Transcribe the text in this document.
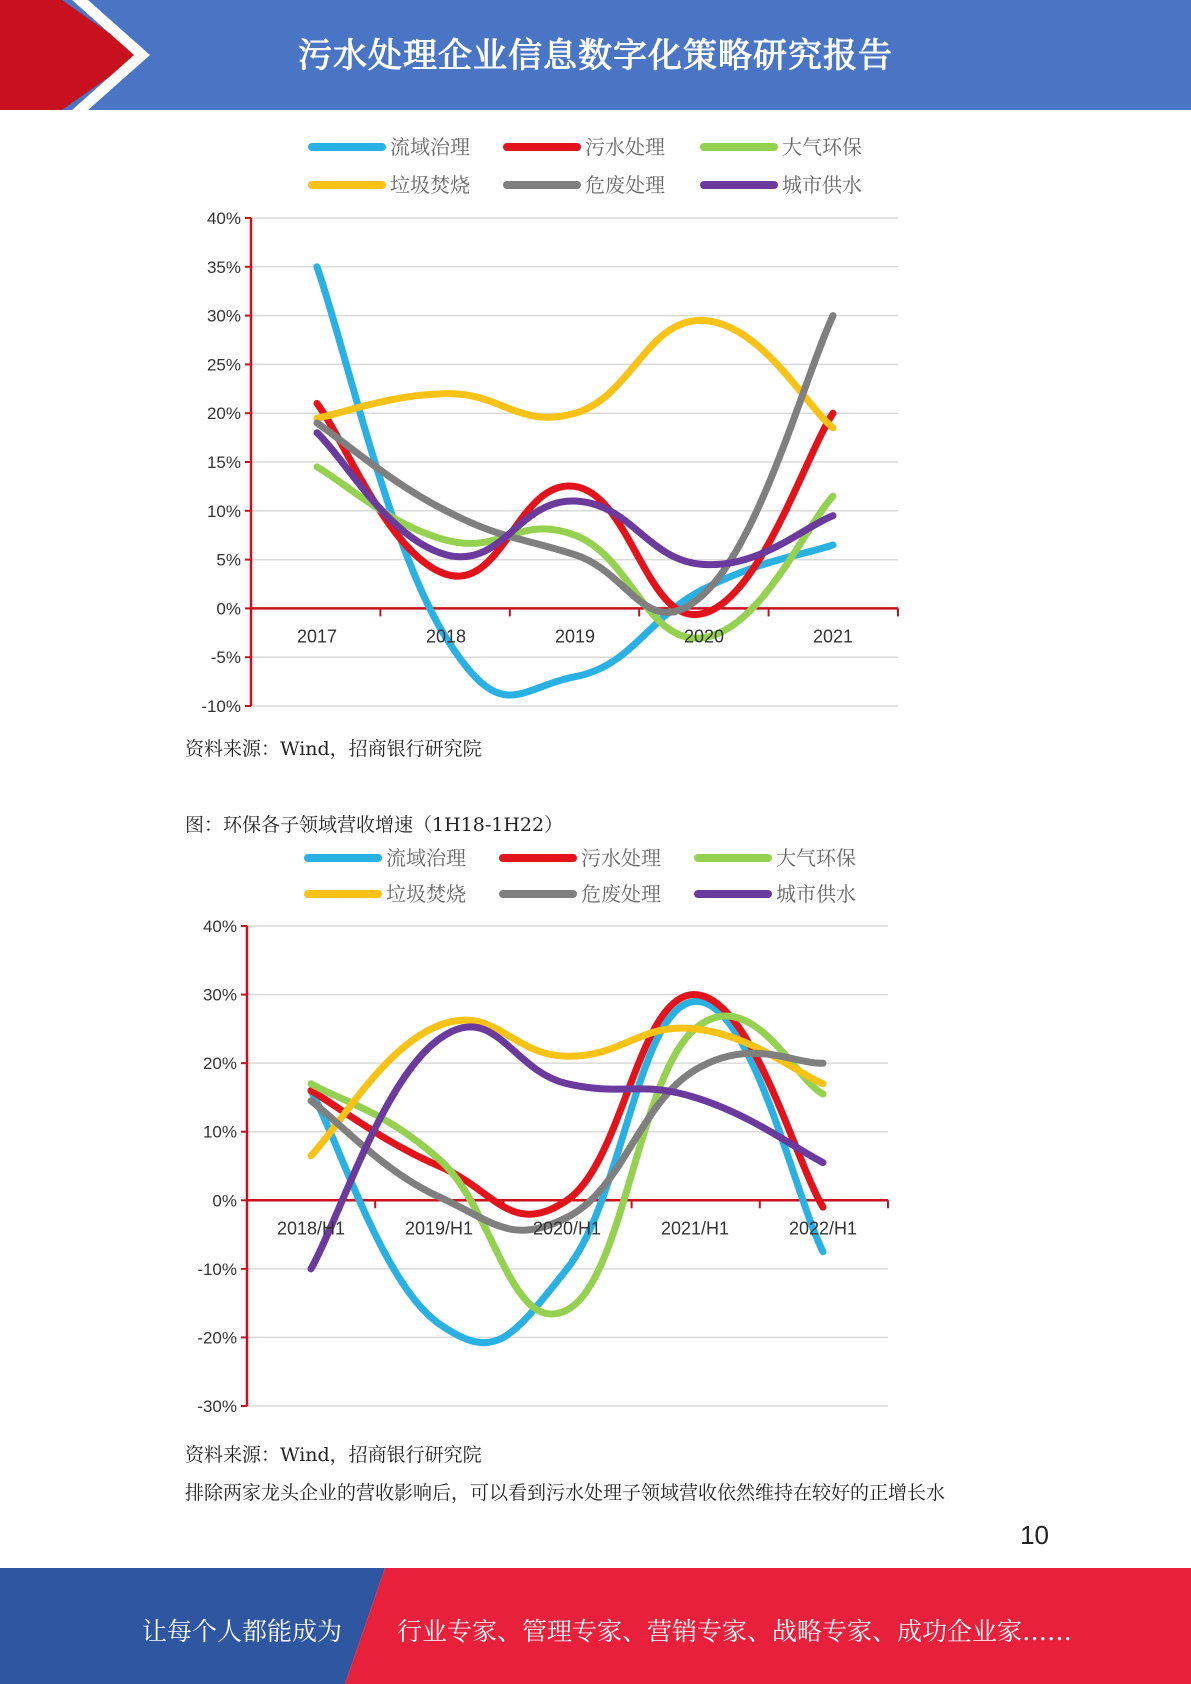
污水处理企业信息数字化策略研究报告
流域治理	污水处理	大气环保
垃圾焚烧	危废处理	城市供水
40%
35%
30%
25%
20%
15%
10%
5%
0%
-5%
-10%
2017	2018	2019	2020	2021
资料来源：Wind，招商银行研究院
图：环保各子领域营收增速（1H18-1H22）
流域治理	污水处理	大气环保
垃圾焚烧	危废处理	城市供水
40%
30%
20%
10%
0%
-10%
-20%
-30%
2018/H1	2019/H1	2020/H1	2021/H1	2022/H1
资料来源：Wind，招商银行研究院
排除两家龙头企业的营收影响后，可以看到污水处理子领域营收依然维持在较好的正增长水
10
让每个人都能成为 行业专家、管理专家、营销专家、战略专家、成功企业家……
